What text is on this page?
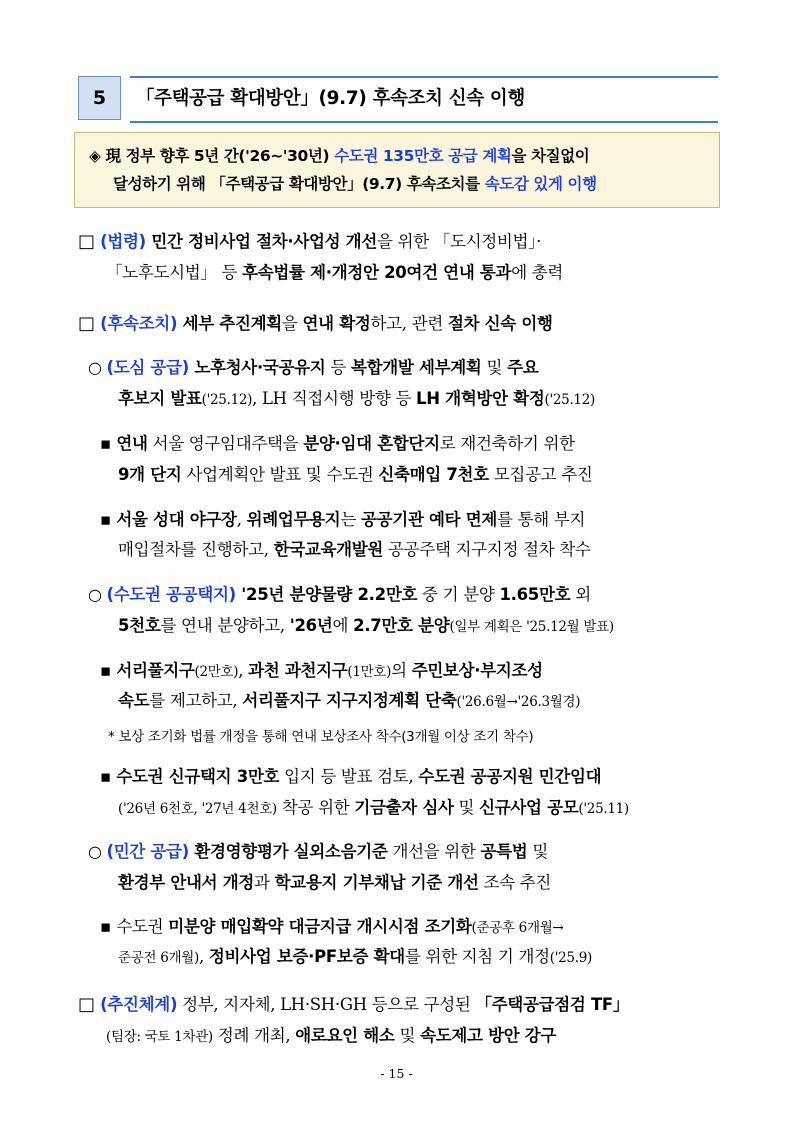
5	「주택공급 확대방안」(9.7) 후속조치 신속 이행
◈ 現 정부 향후 5년 간('26~'30년) 수도권 135만호 공급 계획을 차질없이
달성하기 위해 「주택공급 확대방안」(9.7) 후속조치를 속도감 있게 이행
□ (법령) 민간 정비사업 절차·사업성 개선을 위한 「도시정비법」·
「노후도시법」 등 후속법률 제·개정안 20여건 연내 통과에 총력
□ (후속조치) 세부 추진계획을 연내 확정하고, 관련 절차 신속 이행
○ (도심 공급) 노후청사·국공유지 등 복합개발 세부계획 및 주요
후보지 발표('25.12), LH 직접시행 방향 등 LH 개혁방안 확정('25.12)
▪ 연내 서울 영구임대주택을 분양·임대 혼합단지로 재건축하기 위한
9개 단지 사업계획안 발표 및 수도권 신축매입 7천호 모집공고 추진
▪ 서울 성대 야구장, 위례업무용지는 공공기관 예타 면제를 통해 부지
매입절차를 진행하고, 한국교육개발원 공공주택 지구지정 절차 착수
○ (수도권 공공택지) '25년 분양물량 2.2만호 중 기 분양 1.65만호 외
5천호를 연내 분양하고, '26년에 2.7만호 분양(일부 계획은 '25.12월 발표)
▪ 서리풀지구(2만호), 과천 과천지구(1만호)의 주민보상·부지조성
속도를 제고하고, 서리풀지구 지구지정계획 단축('26.6월→'26.3월경)
* 보상 조기화 법률 개정을 통해 연내 보상조사 착수(3개월 이상 조기 착수)
▪ 수도권 신규택지 3만호 입지 등 발표 검토, 수도권 공공지원 민간임대
('26년 6천호, '27년 4천호) 착공 위한 기금출자 심사 및 신규사업 공모('25.11)
○ (민간 공급) 환경영향평가 실외소음기준 개선을 위한 공특법 및
환경부 안내서 개정과 학교용지 기부채납 기준 개선 조속 추진
▪ 수도권 미분양 매입확약 대금지급 개시시점 조기화(준공후 6개월→
준공전 6개월), 정비사업 보증·PF보증 확대를 위한 지침 기 개정('25.9)
□ (추진체계) 정부, 지자체, LH·SH·GH 등으로 구성된 「주택공급점검 TF」
(팀장: 국토 1차관) 정례 개최, 애로요인 해소 및 속도제고 방안 강구
- 15 -
